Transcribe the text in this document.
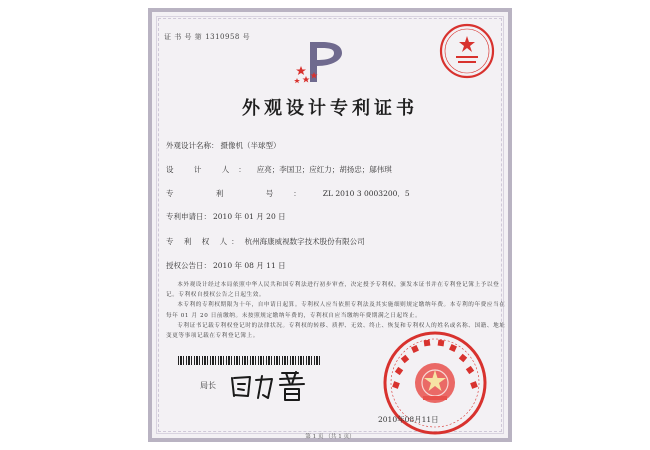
证 书 号 第 1310958 号
外观设计专利证书
外观设计名称： 摄像机（半球型）
设 计 人： 应亮；李国卫；应红力；胡扬忠；鄔伟琪
专 利 号： ZL 2010 3 0003200．5
专利申请日： 2010 年 01 月 20 日
专 利 权 人： 杭州海康威视数字技术股份有限公司
授权公告日： 2010 年 08 月 11 日

本外观设计经过本局依照中华人民共和国专利法进行初步审查，决定授予专利权，颁发本证书并在专利登记簿上予以登记。专利权自授权公告之日起生效。

本专利的专利权期限为十年，自申请日起算。专利权人应当依照专利法及其实施细则规定缴纳年费。本专利的年费应当在每年 01 月 20 日前缴纳。未按照规定缴纳年费的，专利权自应当缴纳年费期满之日起终止。

专利证书记载专利权登记时的法律状况。专利权的转移、质押、无效、终止、恢复和专利权人的姓名或名称、国籍、地址变更等事项记载在专利登记簿上。

局长
2010年08月11日
第 1 页 （共 1 页）
